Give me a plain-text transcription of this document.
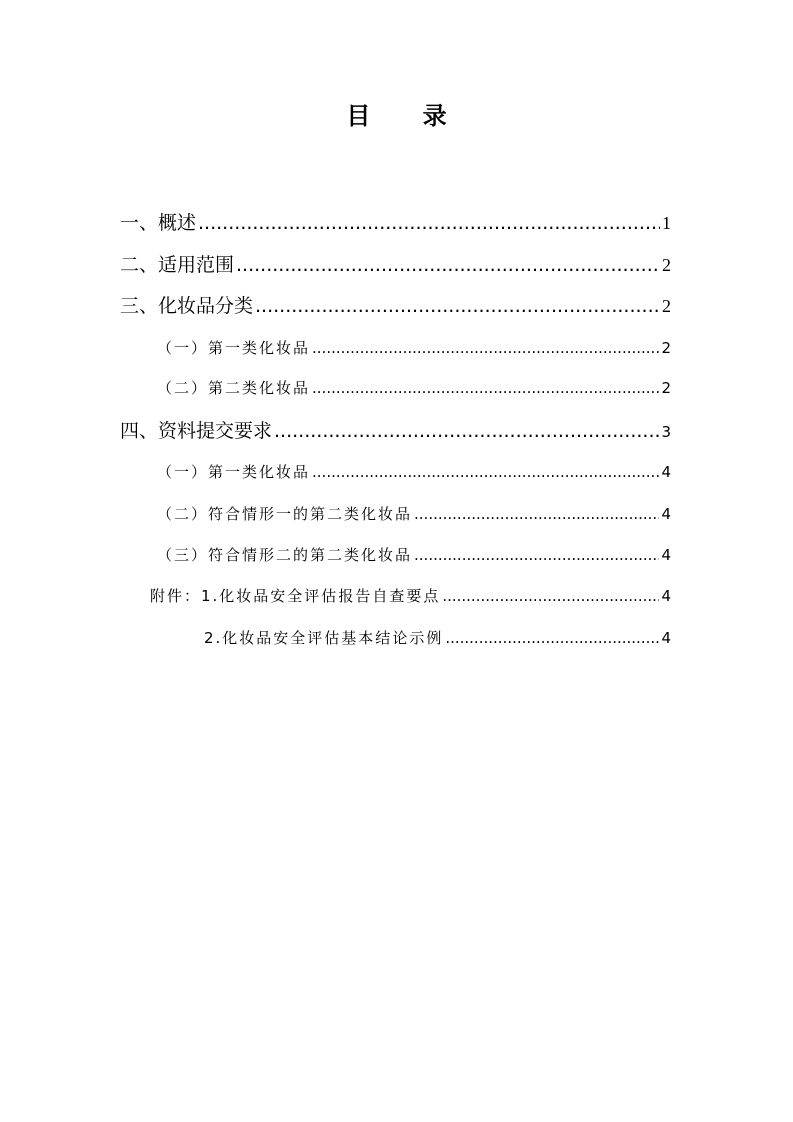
目 录
一、概述 .....	1
二、适用范围 .....	2
三、化妆品分类 .....	2
（一）第一类化妆品 .....	2
（二）第二类化妆品 .....	2
四、资料提交要求 .....	3
（一）第一类化妆品 .....	4
（二）符合情形一的第二类化妆品 .....	4
（三）符合情形二的第二类化妆品 .....	4
附件：1.化妆品安全评估报告自查要点 .....	4
2.化妆品安全评估基本结论示例 .....	4
